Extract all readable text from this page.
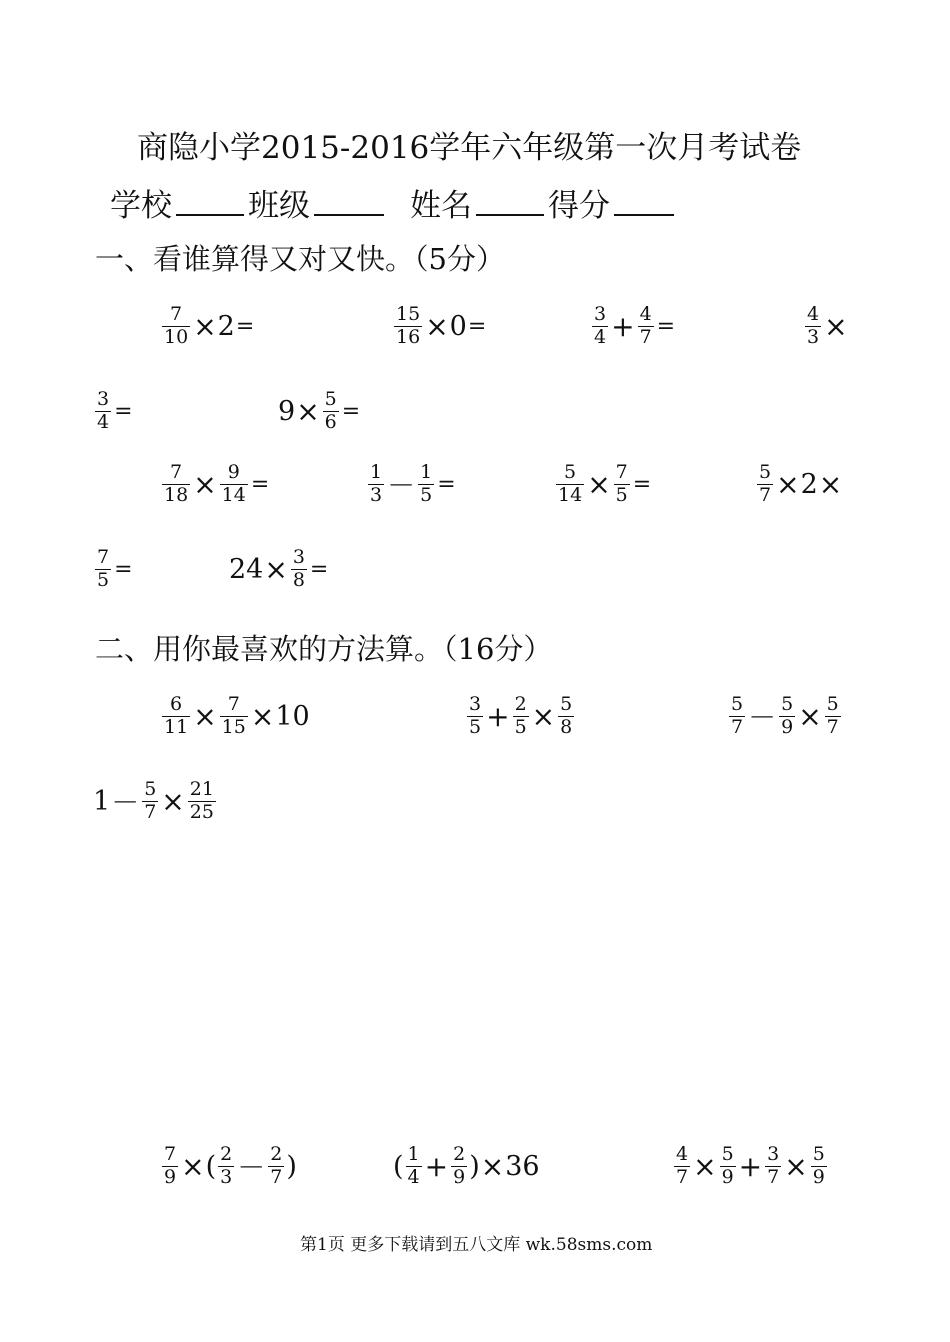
商隐小学2015-2016学年六年级第一次月考试卷
学校 班级	姓名 得分
一、看谁算得又对又快。（5分）
$\frac{7}{10} \times 2$ =	$\frac{15}{16} \times 0$ =	$\frac{3}{4} + \frac{4}{7}$ =	$\frac{4}{3}$ ×
$\frac{3}{4}$ =	$9 \times \frac{5}{6}$ =
$\frac{7}{18} \times \frac{9}{14}$ =	$\frac{1}{3} - \frac{1}{5}$ =	$\frac{5}{14} \times \frac{7}{5}$ =	$\frac{5}{7} \times 2$ ×
$\frac{7}{5}$ =	$24 \times \frac{3}{8}$ =
二、用你最喜欢的方法算。（16分）
$\frac{6}{11} \times \frac{7}{15} \times 10$	$\frac{3}{5} + \frac{2}{5} \times \frac{5}{8}$	$\frac{5}{7} - \frac{5}{9} \times \frac{5}{7}$
$1 - \frac{5}{7} \times \frac{21}{25}$
$\frac{7}{9}$ × ( $\frac{2}{3} - \frac{2}{7}$ )	( $\frac{1}{4} + \frac{2}{9}$ ) × 36	$\frac{4}{7} \times \frac{5}{9} + \frac{3}{7} \times \frac{5}{9}$
第1页 更多下载请到五八文库 wk.58sms.com
